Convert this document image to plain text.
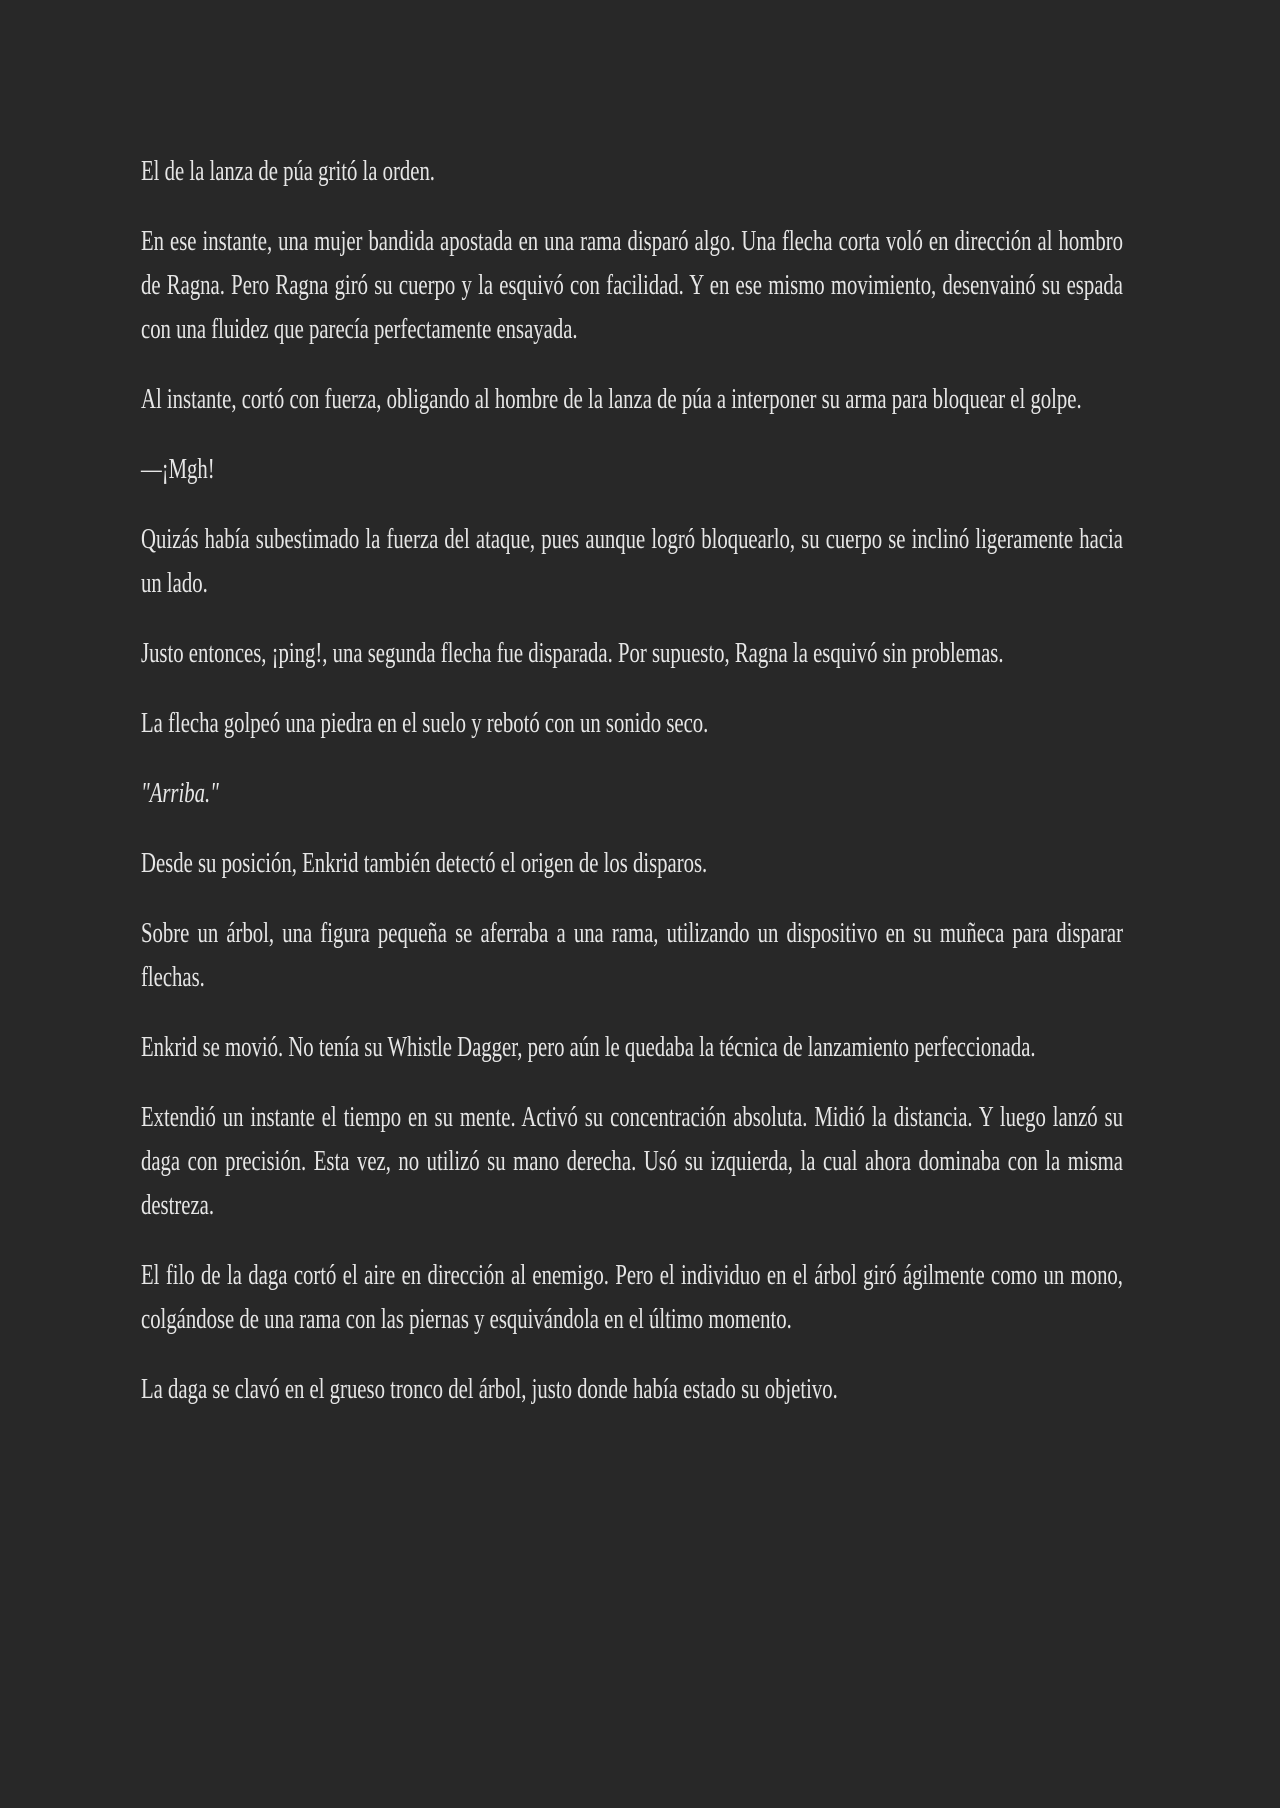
El de la lanza de púa gritó la orden.

En ese instante, una mujer bandida apostada en una rama disparó algo. Una flecha corta voló en dirección al hombro de Ragna. Pero Ragna giró su cuerpo y la esquivó con facilidad. Y en ese mismo movimiento, desenvainó su espada con una fluidez que parecía perfectamente ensayada.

Al instante, cortó con fuerza, obligando al hombre de la lanza de púa a interponer su arma para bloquear el golpe.

—¡Mgh!

Quizás había subestimado la fuerza del ataque, pues aunque logró bloquearlo, su cuerpo se inclinó ligeramente hacia un lado.

Justo entonces, ¡ping!, una segunda flecha fue disparada. Por supuesto, Ragna la esquivó sin problemas.

La flecha golpeó una piedra en el suelo y rebotó con un sonido seco.

"Arriba."

Desde su posición, Enkrid también detectó el origen de los disparos.

Sobre un árbol, una figura pequeña se aferraba a una rama, utilizando un dispositivo en su muñeca para disparar flechas.

Enkrid se movió. No tenía su Whistle Dagger, pero aún le quedaba la técnica de lanzamiento perfeccionada.

Extendió un instante el tiempo en su mente. Activó su concentración absoluta. Midió la distancia. Y luego lanzó su daga con precisión. Esta vez, no utilizó su mano derecha. Usó su izquierda, la cual ahora dominaba con la misma destreza.

El filo de la daga cortó el aire en dirección al enemigo. Pero el individuo en el árbol giró ágilmente como un mono, colgándose de una rama con las piernas y esquivándola en el último momento.

La daga se clavó en el grueso tronco del árbol, justo donde había estado su objetivo.
